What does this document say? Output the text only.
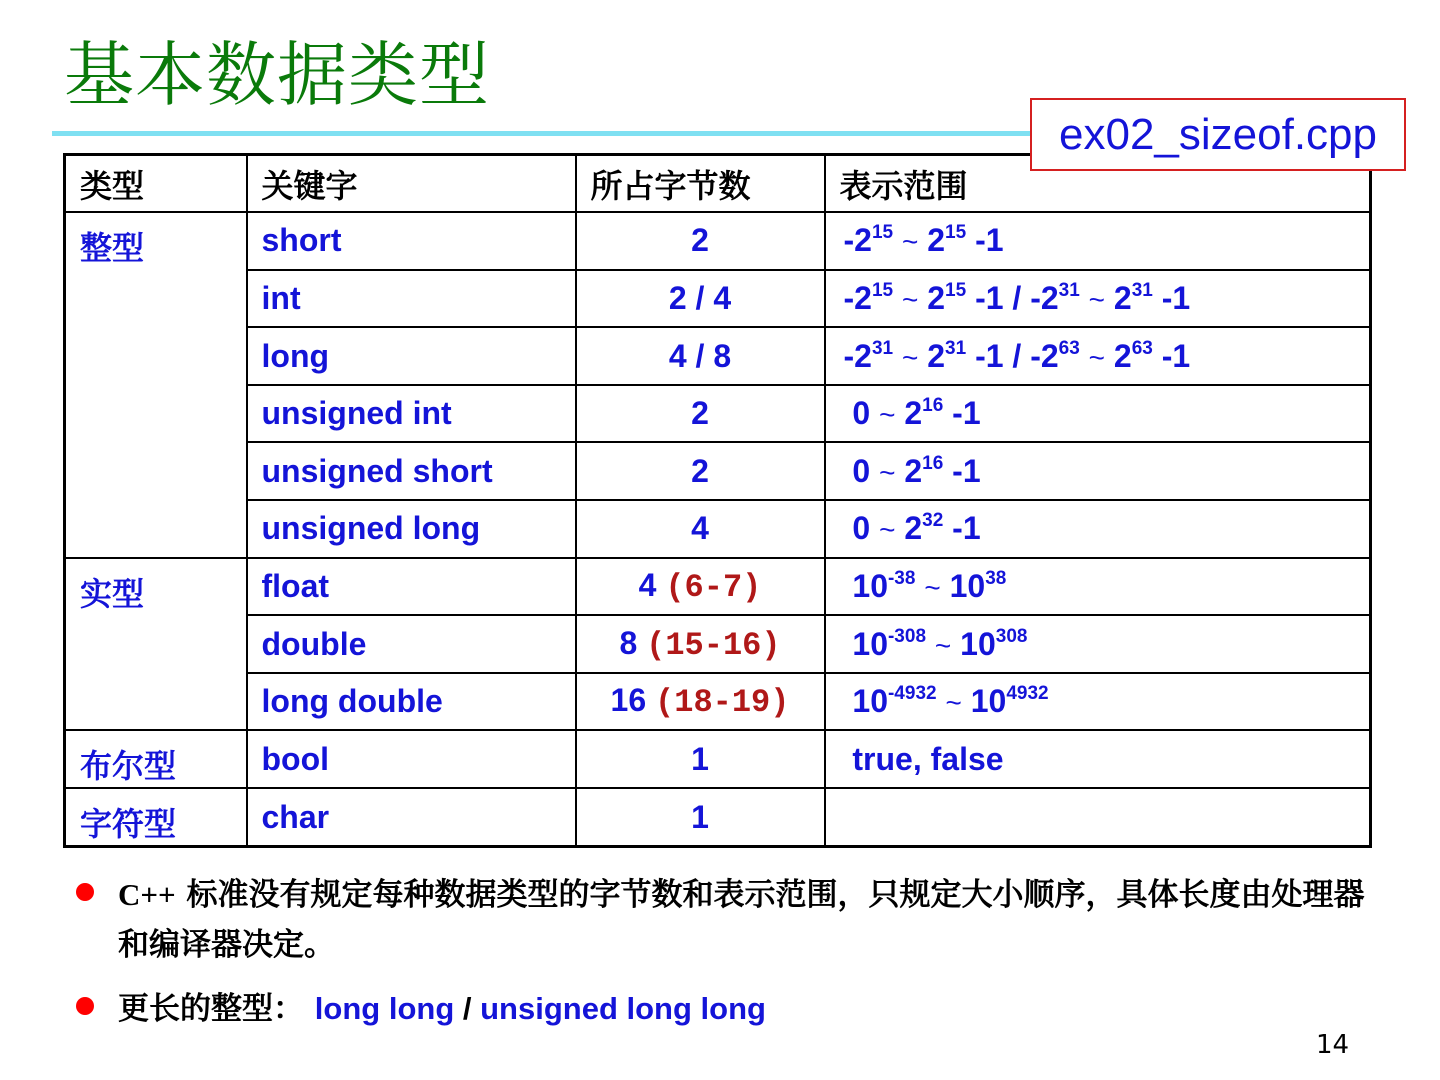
基本数据类型
ex02_sizeof.cpp
类型	关键字	所占字节数	表示范围
整型	short	2	$-2^{15}$ ~ $2^{15}$ -1
	int	2 / 4	$-2^{15}$ ~ $2^{15}$ $-1 / -2^{31}$ ~ $2^{31}$ -1
	long	4 / 8	$-2^{31}$ ~ $2^{31}$ $-1 / -2^{63}$ ~ $2^{63}$ -1
	unsigned int	2	0 ~ $2^{16}$ -1
	unsigned short	2	0 ~ $2^{16}$ -1
	unsigned long	4	0 ~ $2^{32}$ -1
实型	float	4 (6-7)	$10^{-38}$ ~ $10^{38}$
	double	8 (15-16)	$10^{-308}$ ~ $10^{308}$
	long double	16 (18-19)	$10^{-4932}$ ~ $10^{4932}$
布尔型	bool	1	true, false
字符型	char	1	
C++ 标准没有规定每种数据类型的字节数和表示范围，只规定大小顺序，具体长度由处理器和编译器决定。
更长的整型： long long / unsigned long long
14
